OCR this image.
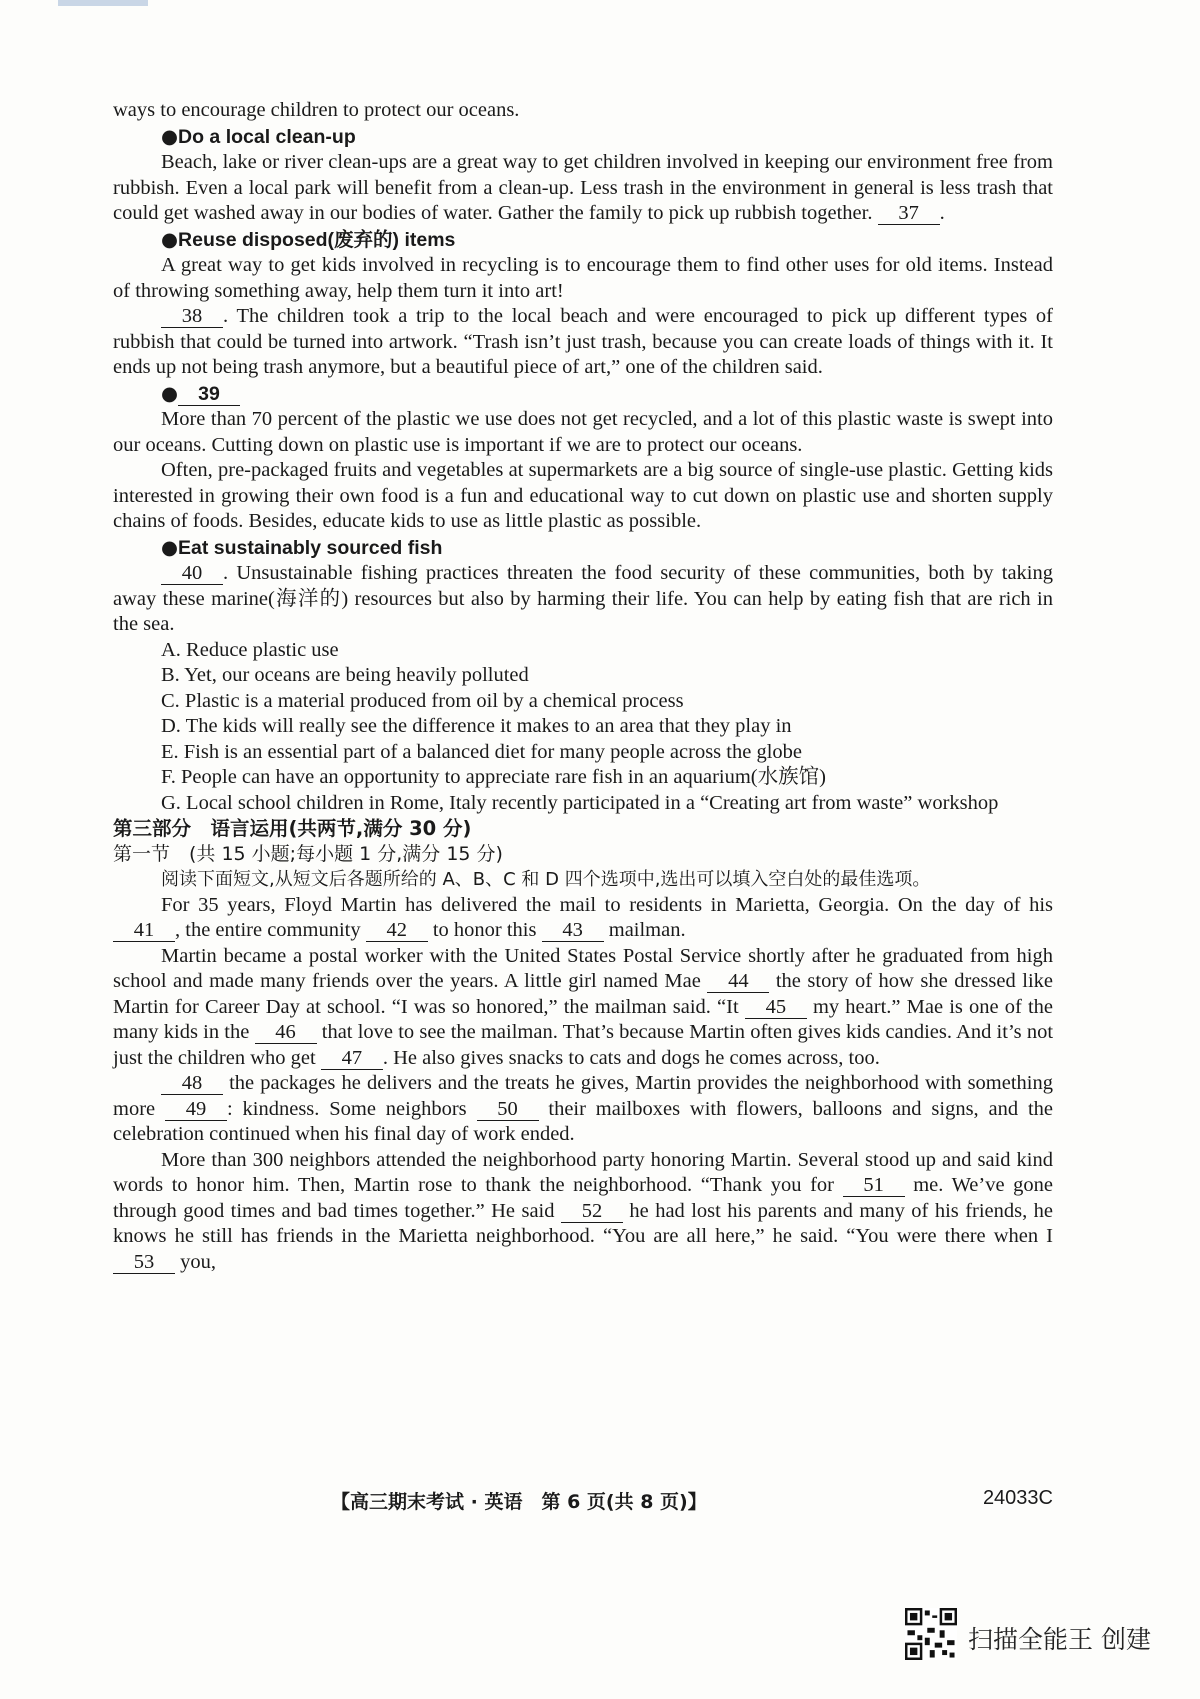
ways to encourage children to protect our oceans.

●Do a local clean-up

Beach, lake or river clean-ups are a great way to get children involved in keeping our environment free from rubbish. Even a local park will benefit from a clean-up. Less trash in the environment in general is less trash that could get washed away in our bodies of water. Gather the family to pick up rubbish together. 37 .

●Reuse disposed(废弃的) items

A great way to get kids involved in recycling is to encourage them to find other uses for old items. Instead of throwing something away, help them turn it into art!

38 . The children took a trip to the local beach and were encouraged to pick up different types of rubbish that could be turned into artwork. “Trash isn’t just trash, because you can create loads of things with it. It ends up not being trash anymore, but a beautiful piece of art,” one of the children said.

● 39

More than 70 percent of the plastic we use does not get recycled, and a lot of this plastic waste is swept into our oceans. Cutting down on plastic use is important if we are to protect our oceans.

Often, pre-packaged fruits and vegetables at supermarkets are a big source of single-use plastic. Getting kids interested in growing their own food is a fun and educational way to cut down on plastic use and shorten supply chains of foods. Besides, educate kids to use as little plastic as possible.

●Eat sustainably sourced fish

40 . Unsustainable fishing practices threaten the food security of these communities, both by taking away these marine(海洋的) resources but also by harming their life. You can help by eating fish that are rich in the sea.

A. Reduce plastic use

B. Yet, our oceans are being heavily polluted

C. Plastic is a material produced from oil by a chemical process

D. The kids will really see the difference it makes to an area that they play in

E. Fish is an essential part of a balanced diet for many people across the globe

F. People can have an opportunity to appreciate rare fish in an aquarium(水族馆)

G. Local school children in Rome, Italy recently participated in a “Creating art from waste” workshop

第三部分　语言运用(共两节,满分 30 分)

第一节　(共 15 小题;每小题 1 分,满分 15 分)

阅读下面短文,从短文后各题所给的 A、B、C 和 D 四个选项中,选出可以填入空白处的最佳选项。

For 35 years, Floyd Martin has delivered the mail to residents in Marietta, Georgia. On the day of his 41 , the entire community 42 to honor this 43 mailman.

Martin became a postal worker with the United States Postal Service shortly after he graduated from high school and made many friends over the years. A little girl named Mae 44 the story of how she dressed like Martin for Career Day at school. “I was so honored,” the mailman said. “It 45 my heart.” Mae is one of the many kids in the 46 that love to see the mailman. That’s because Martin often gives kids candies. And it’s not just the children who get 47 . He also gives snacks to cats and dogs he comes across, too.

48 the packages he delivers and the treats he gives, Martin provides the neighborhood with something more 49 : kindness. Some neighbors 50 their mailboxes with flowers, balloons and signs, and the celebration continued when his final day of work ended.

More than 300 neighbors attended the neighborhood party honoring Martin. Several stood up and said kind words to honor him. Then, Martin rose to thank the neighborhood. “Thank you for 51 me. We’ve gone through good times and bad times together.” He said 52 he had lost his parents and many of his friends, he knows he still has friends in the Marietta neighborhood. “You are all here,” he said. “You were there when I 53 you,

【高三期末考试 · 英语　第 6 页(共 8 页)】	24033C
扫描全能王 创建
